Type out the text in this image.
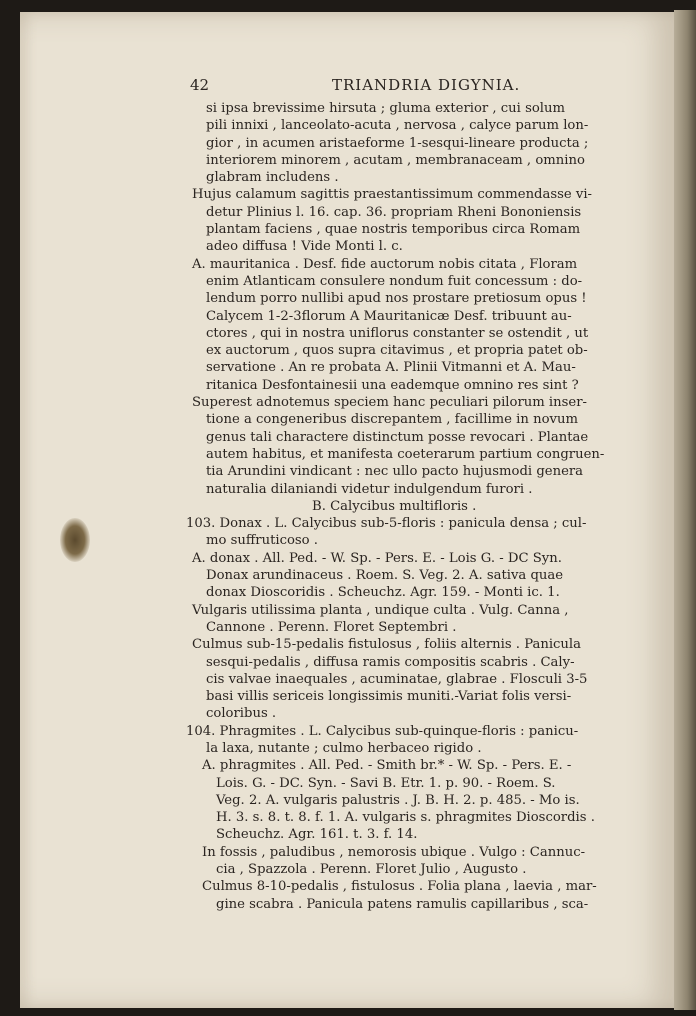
42	TRIANDRIA DIGYNIA.
si ipsa brevissime hirsuta ; gluma exterior , cui solum
pili innixi , lanceolato-acuta , nervosa , calyce parum lon-
gior , in acumen aristaeforme 1-sesqui-lineare producta ;
interiorem minorem , acutam , membranaceam , omnino
glabram includens .
Hujus calamum sagittis praestantissimum commendasse vi-
detur Plinius l. 16. cap. 36. propriam Rheni Bononiensis
plantam faciens , quae nostris temporibus circa Romam
adeo diffusa ! Vide Monti l. c.
A. mauritanica . Desf. fide auctorum nobis citata , Floram
enim Atlanticam consulere nondum fuit concessum : do-
lendum porro nullibi apud nos prostare pretiosum opus !
Calycem 1-2-3florum A Mauritanicæ Desf. tribuunt au-
ctores , qui in nostra uniflorus constanter se ostendit , ut
ex auctorum , quos supra citavimus , et propria patet ob-
servatione . An re probata A. Plinii Vitmanni et A. Mau-
ritanica Desfontainesii una eademque omnino res sint ?
Superest adnotemus speciem hanc peculiari pilorum inser-
tione a congeneribus discrepantem , facillime in novum
genus tali charactere distinctum posse revocari . Plantae
autem habitus, et manifesta coeterarum partium congruen-
tia Arundini vindicant : nec ullo pacto hujusmodi genera
naturalia dilaniandi videtur indulgendum furori .
B. Calycibus multifloris .
103. Donax . L. Calycibus sub-5-floris : panicula densa ; cul-
mo suffruticoso .
A. donax . All. Ped. - W. Sp. - Pers. E. - Lois G. - DC Syn.
Donax arundinaceus . Roem. S. Veg. 2. A. sativa quae
donax Dioscoridis . Scheuchz. Agr. 159. - Monti ic. 1.
Vulgaris utilissima planta , undique culta . Vulg. Canna ,
Cannone . Perenn. Floret Septembri .
Culmus sub-15-pedalis fistulosus , foliis alternis . Panicula
sesqui-pedalis , diffusa ramis compositis scabris . Caly-
cis valvae inaequales , acuminatae, glabrae . Flosculi 3-5
basi villis sericeis longissimis muniti.-Variat folis versi-
coloribus .
104. Phragmites . L. Calycibus sub-quinque-floris : panicu-
la laxa, nutante ; culmo herbaceo rigido .
A. phragmites . All. Ped. - Smith br.* - W. Sp. - Pers. E. -
Lois. G. - DC. Syn. - Savi B. Etr. 1. p. 90. - Roem. S.
Veg. 2. A. vulgaris palustris . J. B. H. 2. p. 485. - Mo is.
H. 3. s. 8. t. 8. f. 1. A. vulgaris s. phragmites Dioscordis .
Scheuchz. Agr. 161. t. 3. f. 14.
In fossis , paludibus , nemorosis ubique . Vulgo : Cannuc-
cia , Spazzola . Perenn. Floret Julio , Augusto .
Culmus 8-10-pedalis , fistulosus . Folia plana , laevia , mar-
gine scabra . Panicula patens ramulis capillaribus , sca-
